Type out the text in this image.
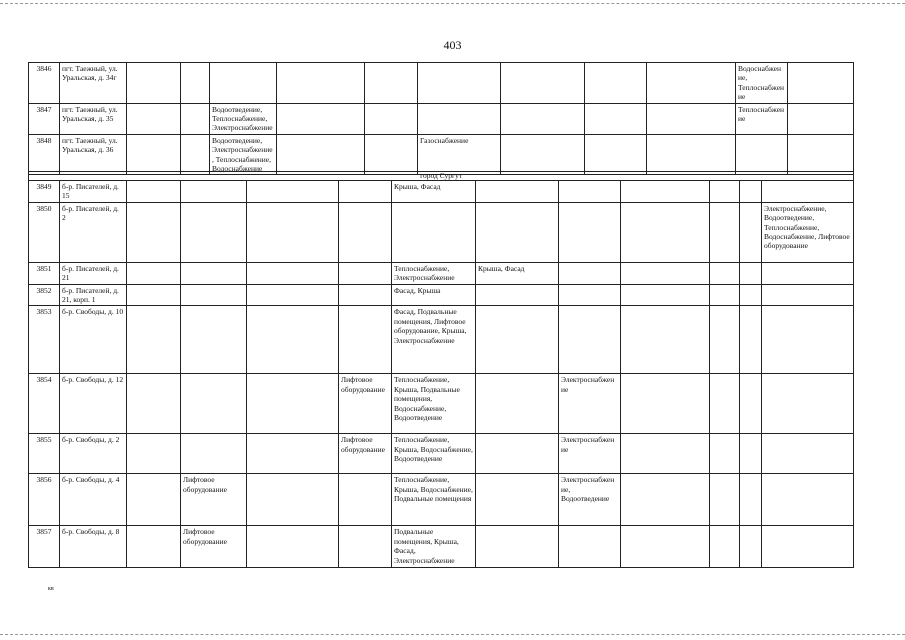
403
3846	пгт. Таежный, ул. Уральская, д. 34г										Водоснабжение, Теплоснабжение	
3847	пгт. Таежный, ул. Уральская, д. 35			Водоотведение, Теплоснабжение, Электроснабжение							Теплоснабжение	
3848	пгт. Таежный, ул. Уральская, д. 36			Водоотведение, Электроснабжение, Теплоснабжение, Водоснабжение			Газоснабжение					
город Сургут												
3849	б-р. Писателей, д. 15					Крыша, Фасад						
3850	б-р. Писателей, д. 2											Электроснабжение, Водоотведение, Теплоснабжение, Водоснабжение, Лифтовое оборудование
3851	б-р. Писателей, д. 21					Теплоснабжение, Электроснабжение	Крыша, Фасад					
3852	б-р. Писателей, д. 21, корп. 1					Фасад, Крыша						
3853	б-р. Свободы, д. 10					Фасад, Подвальные помещения, Лифтовое оборудование, Крыша, Электроснабжение						
3854	б-р. Свободы, д. 12				Лифтовое оборудование	Теплоснабжение, Крыша, Подвальные помещения, Водоснабжение, Водоотведение		Электроснабжение				
3855	б-р. Свободы, д. 2				Лифтовое оборудование	Теплоснабжение, Крыша, Водоснабжение, Водоотведение		Электроснабжение				
3856	б-р. Свободы, д. 4		Лифтовое оборудование			Теплоснабжение, Крыша, Водоснабжение, Подвальные помещения		Электроснабжение, Водоотведение				
3857	б-р. Свободы, д. 8		Лифтовое оборудование			Подвальные помещения, Крыша, Фасад, Электроснабжение						
кв
